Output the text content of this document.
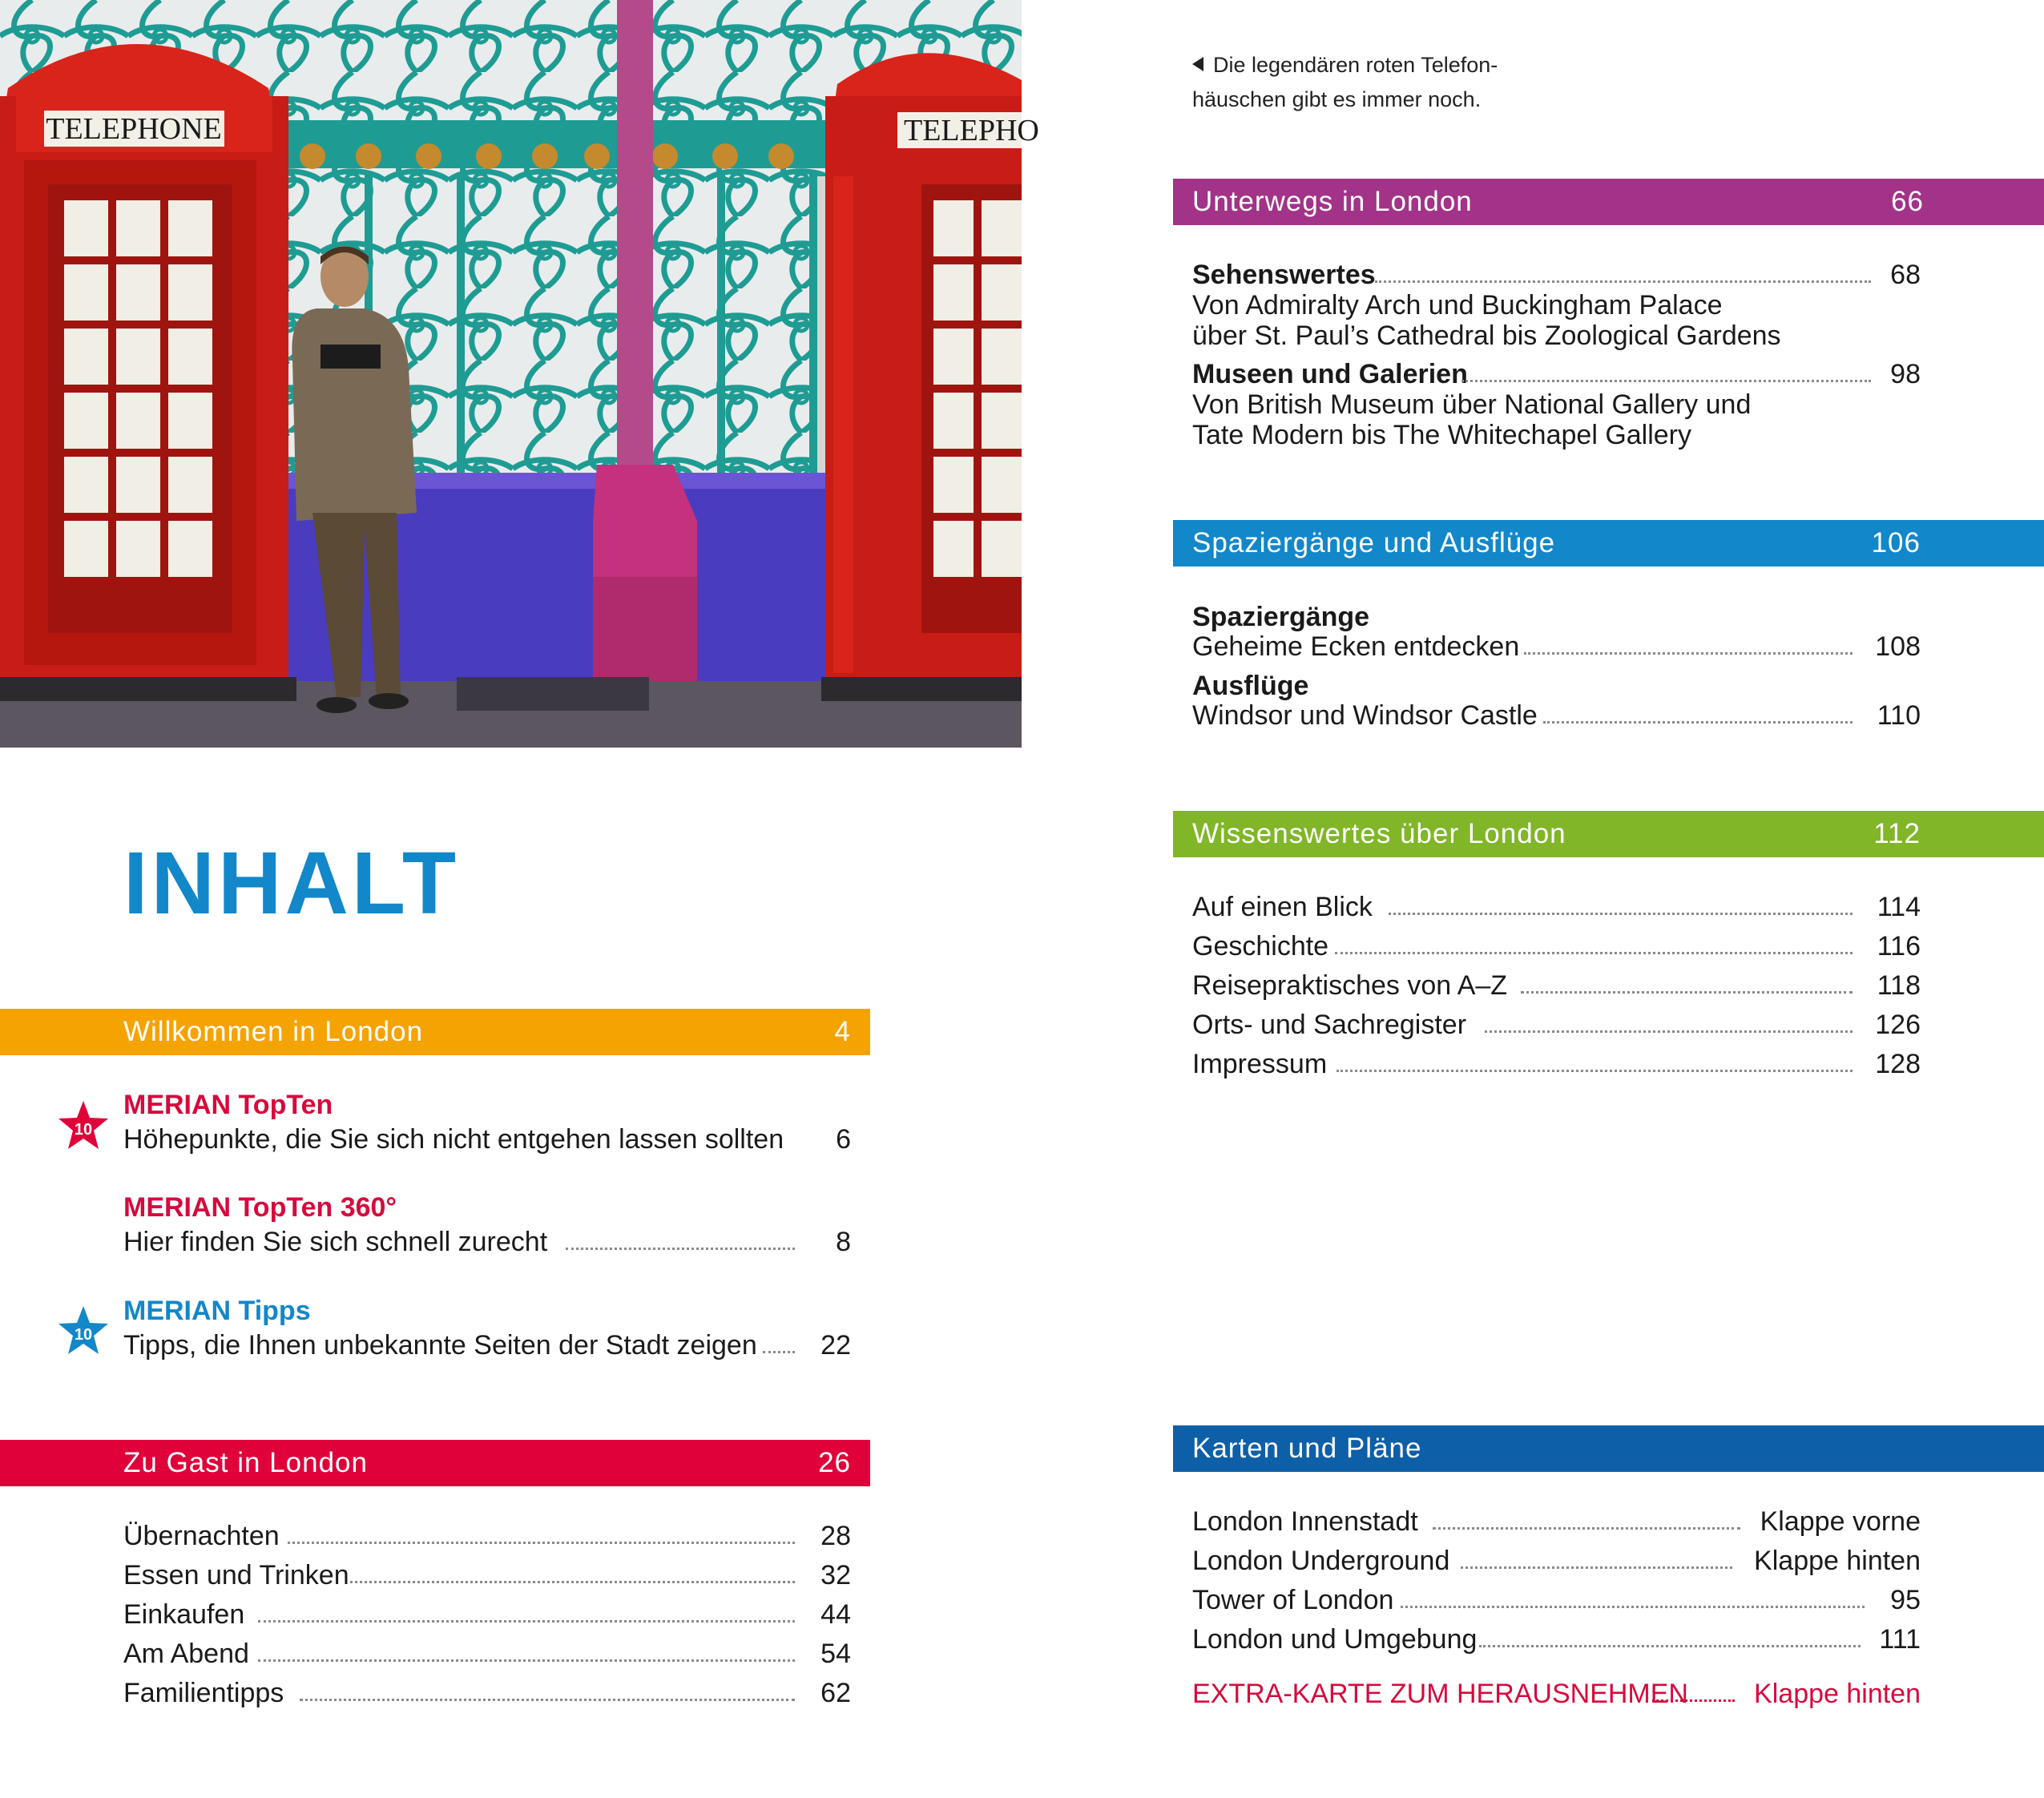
TELEPHONE	TELEPHO
Die legendären roten Telefon-
häuschen gibt es immer noch.
INHALT
Willkommen in London	4
10
MERIAN TopTen
Höhepunkte, die Sie sich nicht entgehen lassen sollten 6
MERIAN TopTen 360°
Hier finden Sie sich schnell zurecht	8
10
MERIAN Tipps
Tipps, die Ihnen unbekannte Seiten der Stadt zeigen 22
Zu Gast in London	26
Übernachten	28
Essen und Trinken	32
Einkaufen	44
Am Abend	54
Familientipps	62
Unterwegs in London	66
Sehenswertes	68
Von Admiralty Arch und Buckingham Palace
über St. Paul’s Cathedral bis Zoological Gardens
Museen und Galerien	98
Von British Museum über National Gallery und
Tate Modern bis The Whitechapel Gallery
Spaziergänge und Ausflüge	106
Spaziergänge
Geheime Ecken entdecken	108
Ausflüge
Windsor und Windsor Castle	110
Wissenswertes über London	112
Auf einen Blick	114
Geschichte	116
Reisepraktisches von A–Z	118
Orts- und Sachregister	126
Impressum	128
Karten und Pläne
London Innenstadt	Klappe vorne
London Underground	Klappe hinten
Tower of London	95
London und Umgebung	111
EXTRA-KARTE ZUM HERAUSNEHMEN Klappe hinten
